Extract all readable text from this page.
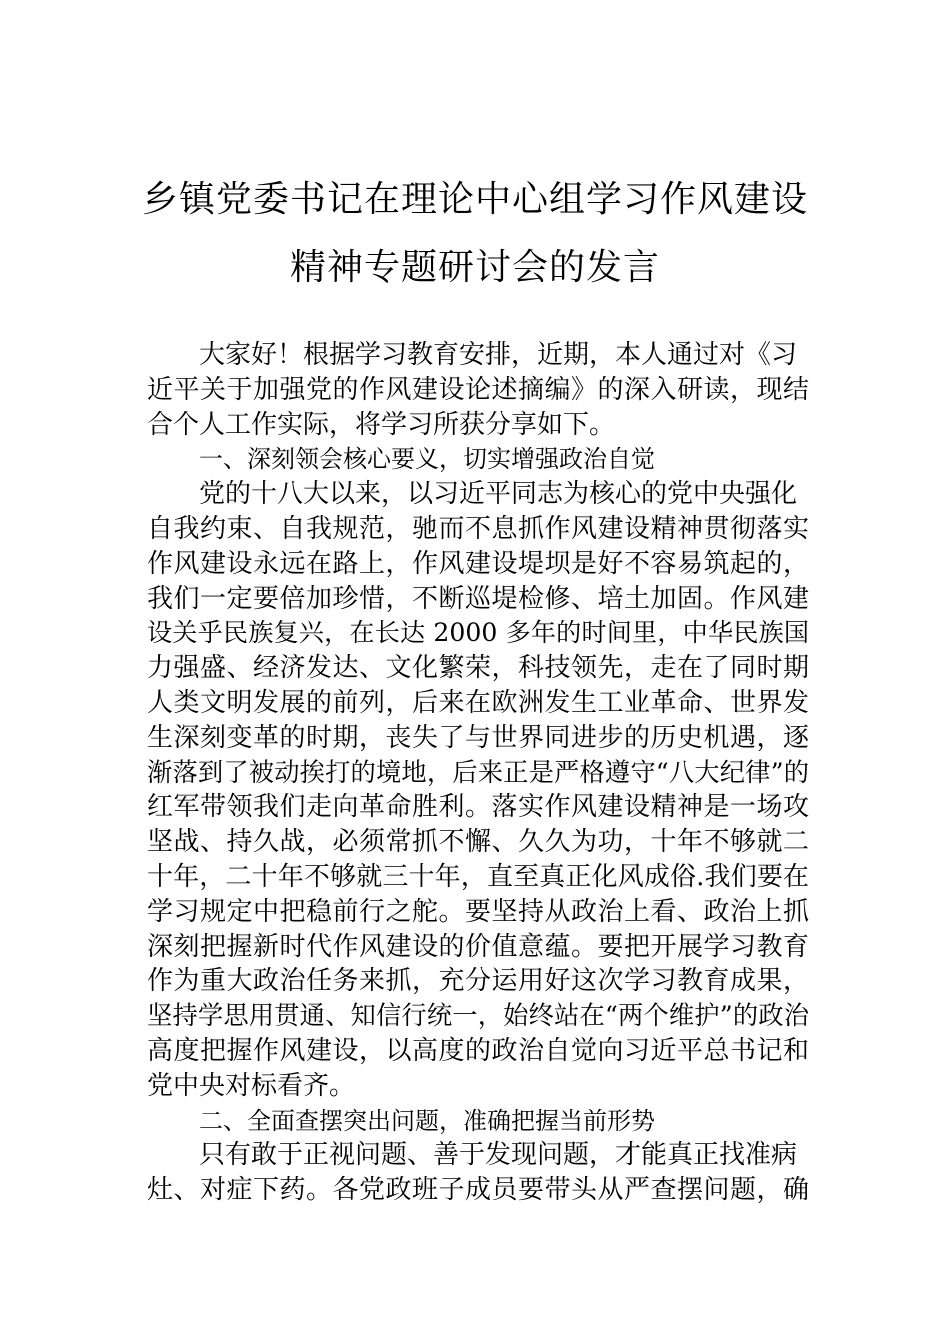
乡镇党委书记在理论中心组学习作风建设
精神专题研讨会的发言
大家好！根据学习教育安排，近期，本人通过对《习
近平关于加强党的作风建设论述摘编》的深入研读，现结
合个人工作实际，将学习所获分享如下。
一、深刻领会核心要义，切实增强政治自觉
党的十八大以来，以习近平同志为核心的党中央强化
自我约束、自我规范，驰而不息抓作风建设精神贯彻落实
作风建设永远在路上，作风建设堤坝是好不容易筑起的，
我们一定要倍加珍惜，不断巡堤检修、培土加固。作风建
设关乎民族复兴，在长达 2000 多年的时间里，中华民族国
力强盛、经济发达、文化繁荣，科技领先，走在了同时期
人类文明发展的前列，后来在欧洲发生工业革命、世界发
生深刻变革的时期，丧失了与世界同进步的历史机遇，逐
渐落到了被动挨打的境地，后来正是严格遵守“八大纪律”的
红军带领我们走向革命胜利。落实作风建设精神是一场攻
坚战、持久战，必须常抓不懈、久久为功，十年不够就二
十年，二十年不够就三十年，直至真正化风成俗.我们要在
学习规定中把稳前行之舵。要坚持从政治上看、政治上抓
深刻把握新时代作风建设的价值意蕴。要把开展学习教育
作为重大政治任务来抓，充分运用好这次学习教育成果，
坚持学思用贯通、知信行统一，始终站在“两个维护”的政治
高度把握作风建设，以高度的政治自觉向习近平总书记和
党中央对标看齐。
二、全面查摆突出问题，准确把握当前形势
只有敢于正视问题、善于发现问题，才能真正找准病
灶、对症下药。各党政班子成员要带头从严查摆问题，确
